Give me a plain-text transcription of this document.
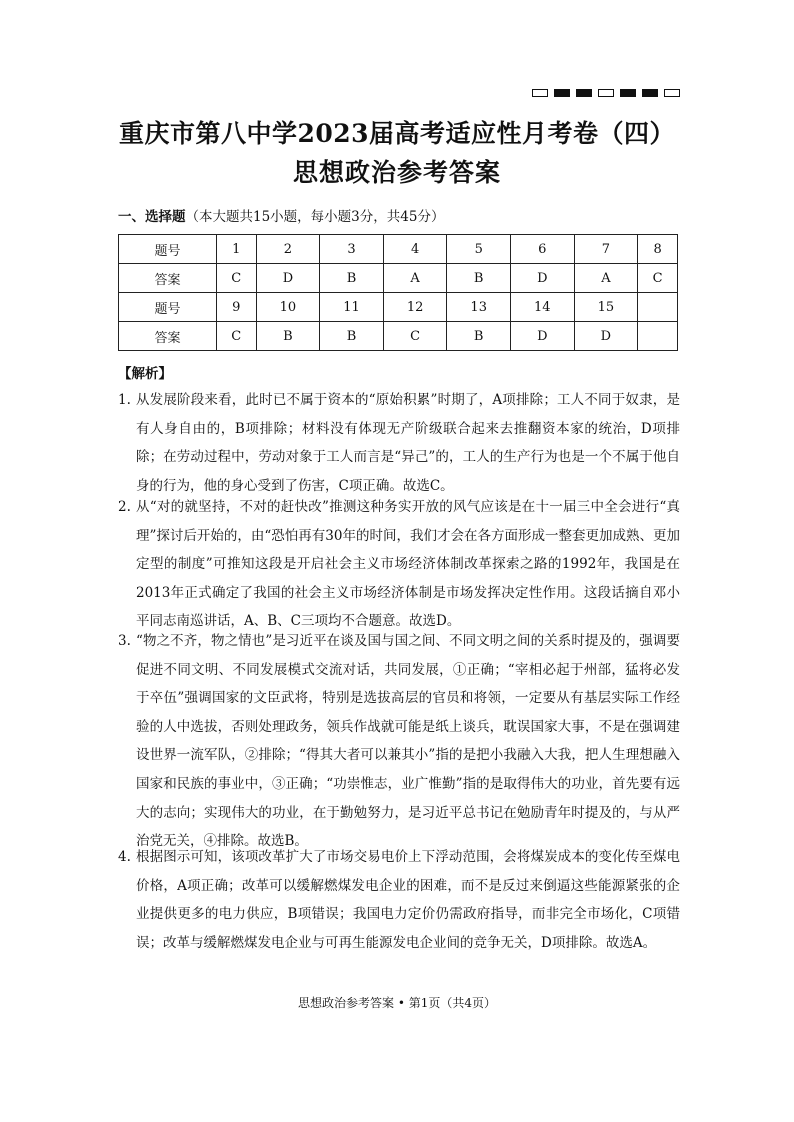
重庆市第八中学2023届高考适应性月考卷（四）
思想政治参考答案
一、选择题（本大题共15小题，每小题3分，共45分）
题号	1	2	3	4	5	6	7	8
答案	C	D	B	A	B	D	A	C
题号	9	10	11	12	13	14	15	
答案	C	B	B	C	B	D	D	
【解析】
1. 从发展阶段来看，此时已不属于资本的“原始积累”时期了，A项排除；工人不同于奴隶，是有人身自由的，B项排除；材料没有体现无产阶级联合起来去推翻资本家的统治，D项排除；在劳动过程中，劳动对象于工人而言是“异己”的，工人的生产行为也是一个不属于他自身的行为，他的身心受到了伤害，C项正确。故选C。
2. 从“对的就坚持，不对的赶快改”推测这种务实开放的风气应该是在十一届三中全会进行“真理”探讨后开始的，由“恐怕再有30年的时间，我们才会在各方面形成一整套更加成熟、更加定型的制度”可推知这段是开启社会主义市场经济体制改革探索之路的1992年，我国是在2013年正式确定了我国的社会主义市场经济体制是市场发挥决定性作用。这段话摘自邓小平同志南巡讲话，A、B、C三项均不合题意。故选D。
3. “物之不齐，物之情也”是习近平在谈及国与国之间、不同文明之间的关系时提及的，强调要促进不同文明、不同发展模式交流对话，共同发展，①正确；“宰相必起于州部，猛将必发于卒伍”强调国家的文臣武将，特别是选拔高层的官员和将领，一定要从有基层实际工作经验的人中选拔，否则处理政务，领兵作战就可能是纸上谈兵，耽误国家大事，不是在强调建设世界一流军队，②排除；“得其大者可以兼其小”指的是把小我融入大我，把人生理想融入国家和民族的事业中，③正确；“功崇惟志，业广惟勤”指的是取得伟大的功业，首先要有远大的志向；实现伟大的功业，在于勤勉努力，是习近平总书记在勉励青年时提及的，与从严治党无关，④排除。故选B。
4. 根据图示可知，该项改革扩大了市场交易电价上下浮动范围，会将煤炭成本的变化传至煤电价格，A项正确；改革可以缓解燃煤发电企业的困难，而不是反过来倒逼这些能源紧张的企业提供更多的电力供应，B项错误；我国电力定价仍需政府指导，而非完全市场化，C项错误；改革与缓解燃煤发电企业与可再生能源发电企业间的竞争无关，D项排除。故选A。
思想政治参考答案 • 第1页（共4页）
